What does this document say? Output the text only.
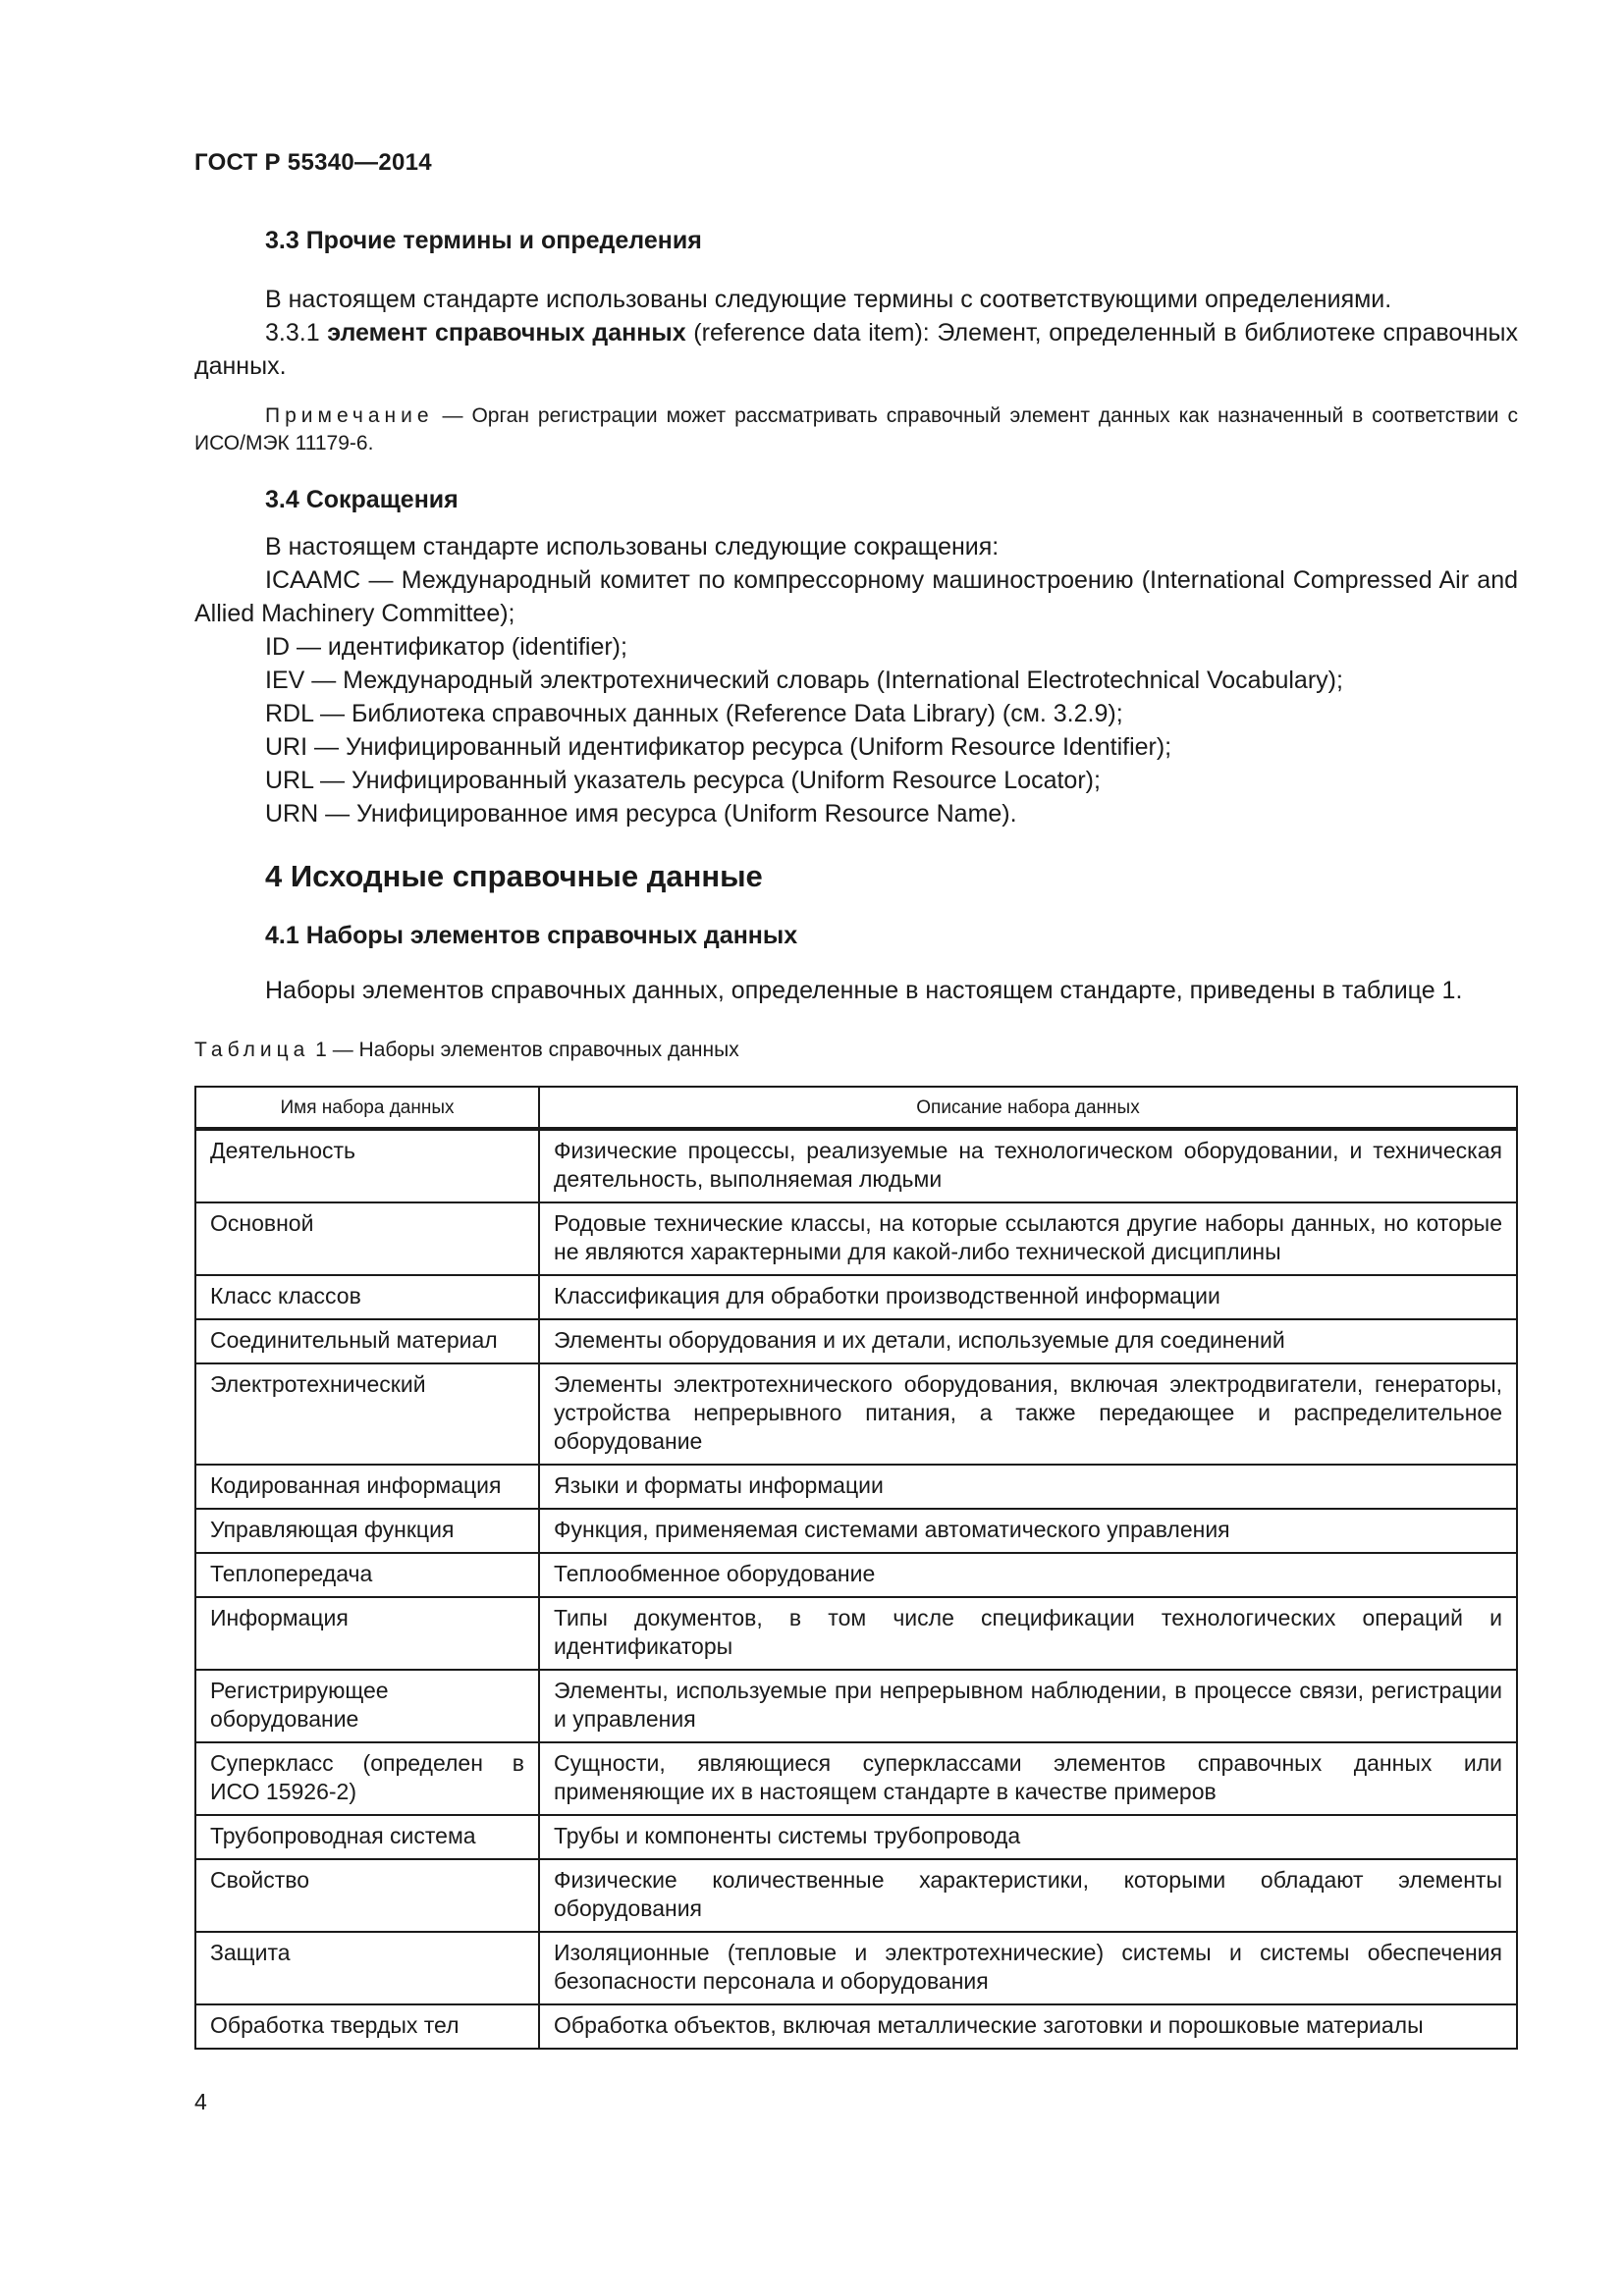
ГОСТ Р 55340—2014
3.3 Прочие термины и определения

В настоящем стандарте использованы следующие термины с соответствующими определениями.

3.3.1 элемент справочных данных (reference data item): Элемент, определенный в библиотеке справочных данных.

Примечание — Орган регистрации может рассматривать справочный элемент данных как назначенный в соответствии с ИСО/МЭК 11179-6.

3.4 Сокращения

В настоящем стандарте использованы следующие сокращения:

ICAAMC — Международный комитет по компрессорному машиностроению (International Compressed Air and Allied Machinery Committee);

ID — идентификатор (identifier);

IEV — Международный электротехнический словарь (International Electrotechnical Vocabulary);

RDL — Библиотека справочных данных (Reference Data Library) (см. 3.2.9);

URI — Унифицированный идентификатор ресурса (Uniform Resource Identifier);

URL — Унифицированный указатель ресурса (Uniform Resource Locator);

URN — Унифицированное имя ресурса (Uniform Resource Name).

4 Исходные справочные данные
4.1 Наборы элементов справочных данных

Наборы элементов справочных данных, определенные в настоящем стандарте, приведены в таблице 1.

Таблица 1 — Наборы элементов справочных данных
Имя набора данных	Описание набора данных
Деятельность	Физические процессы, реализуемые на технологическом оборудовании, и техническая деятельность, выполняемая людьми
Основной	Родовые технические классы, на которые ссылаются другие наборы данных, но которые не являются характерными для какой-либо технической дисциплины
Класс классов	Классификация для обработки производственной информации
Соединительный материал	Элементы оборудования и их детали, используемые для соединений
Электротехнический	Элементы электротехнического оборудования, включая электродвигатели, генераторы, устройства непрерывного питания, а также передающее и распределительное оборудование
Кодированная информация	Языки и форматы информации
Управляющая функция	Функция, применяемая системами автоматического управления
Теплопередача	Теплообменное оборудование
Информация	Типы документов, в том числе спецификации технологических операций и идентификаторы
Регистрирующее оборудование	Элементы, используемые при непрерывном наблюдении, в процессе связи, регистрации и управления
Суперкласс (определен в ИСО 15926-2)	Сущности, являющиеся суперклассами элементов справочных данных или применяющие их в настоящем стандарте в качестве примеров
Трубопроводная система	Трубы и компоненты системы трубопровода
Свойство	Физические количественные характеристики, которыми обладают элементы оборудования
Защита	Изоляционные (тепловые и электротехнические) системы и системы обеспечения безопасности персонала и оборудования
Обработка твердых тел	Обработка объектов, включая металлические заготовки и порошковые материалы
4
